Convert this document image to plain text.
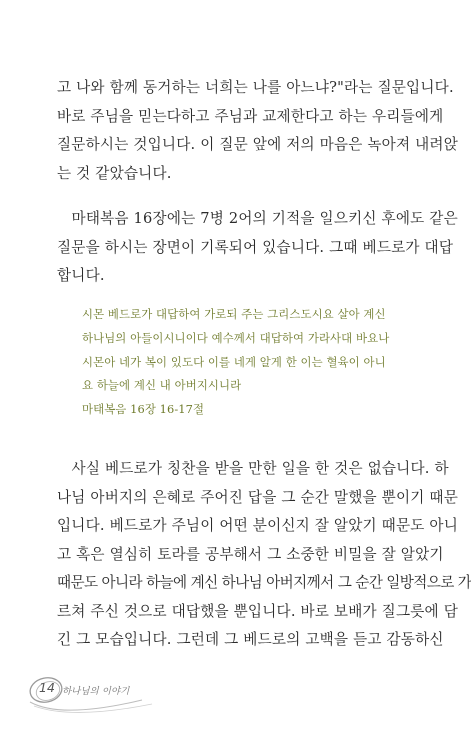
고 나와 함께 동거하는 너희는 나를 아느냐?"라는 질문입니다.
바로 주님을 믿는다하고 주님과 교제한다고 하는 우리들에게
질문하시는 것입니다. 이 질문 앞에 저의 마음은 녹아져 내려앉
는 것 같았습니다.

마태복음 16장에는 7병 2어의 기적을 일으키신 후에도 같은
질문을 하시는 장면이 기록되어 있습니다. 그때 베드로가 대답
합니다.

시몬 베드로가 대답하여 가로되 주는 그리스도시요 살아 계신
하나님의 아들이시니이다 예수께서 대답하여 가라사대 바요나
시몬아 네가 복이 있도다 이를 네게 알게 한 이는 혈육이 아니
요 하늘에 계신 내 아버지시니라
마태복음 16장 16-17절

사실 베드로가 칭찬을 받을 만한 일을 한 것은 없습니다. 하
나님 아버지의 은혜로 주어진 답을 그 순간 말했을 뿐이기 때문
입니다. 베드로가 주님이 어떤 분이신지 잘 알았기 때문도 아니
고 혹은 열심히 토라를 공부해서 그 소중한 비밀을 잘 알았기
때문도 아니라 하늘에 계신 하나님 아버지께서 그 순간 일방적으로 가
르쳐 주신 것으로 대답했을 뿐입니다. 바로 보배가 질그릇에 담
긴 그 모습입니다. 그런데 그 베드로의 고백을 듣고 감동하신

14 하나님의 이야기
